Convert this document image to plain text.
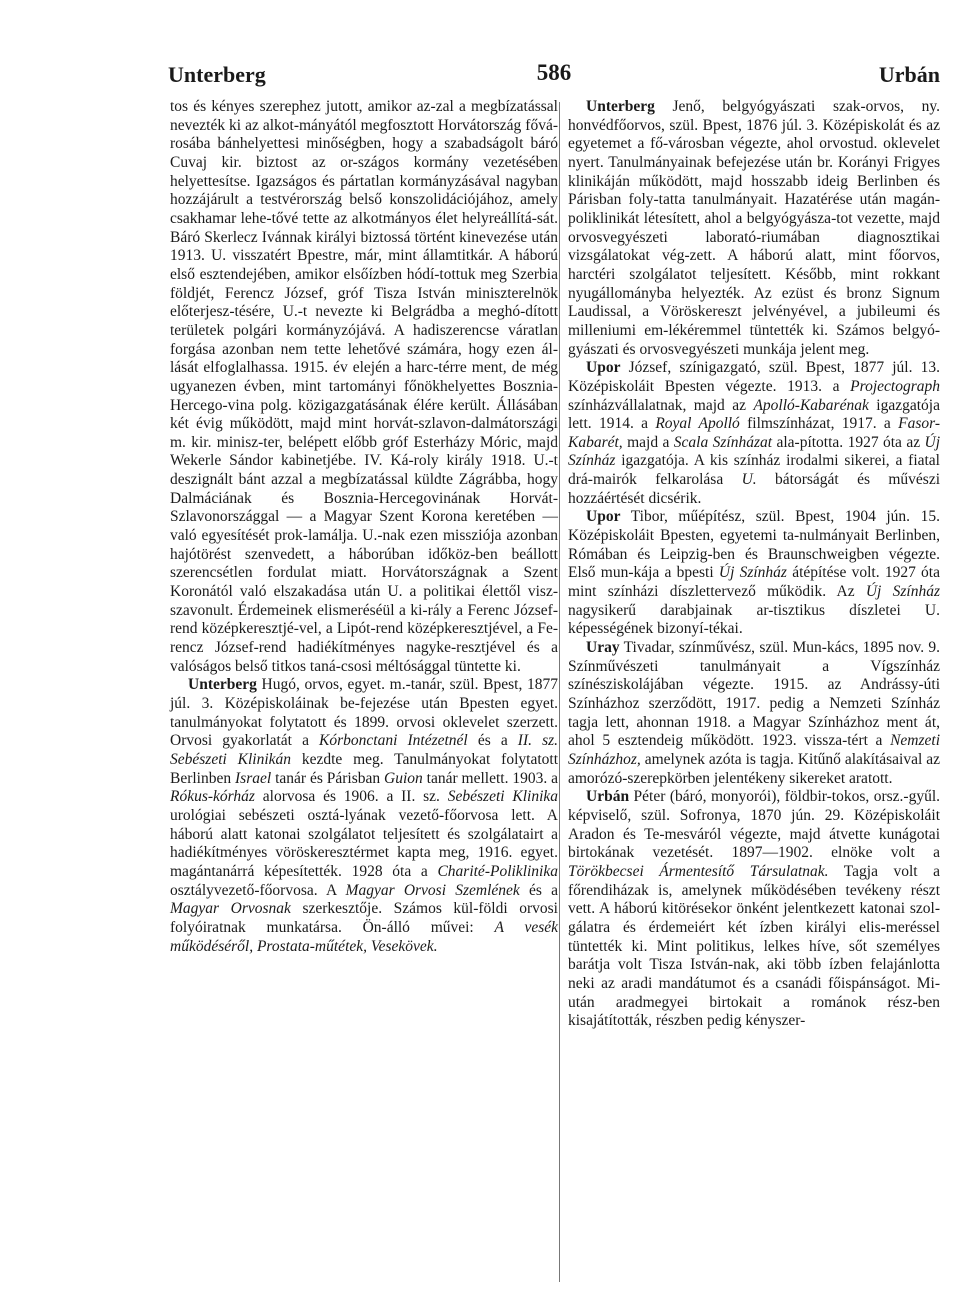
Unterberg	586	Urbán

tos és kényes szerephez jutott, amikor az-zal a megbízatással nevezték ki az alkot-mányától megfosztott Horvátország fővá-rosába bánhelyettesi minőségben, hogy a szabadságolt báró Cuvaj kir. biztost az or-szágos kormány vezetésében helyettesítse. Igazságos és pártatlan kormányzásával nagyban hozzájárult a testvérország belső konszolidációjához, amely csakhamar lehe-tővé tette az alkotmányos élet helyreállítá-sát. Báró Skerlecz Ivánnak királyi biztossá történt kinevezése után 1913. U. visszatért Bpestre, már, mint államtitkár. A háború első esztendejében, amikor elsőízben hódí-tottuk meg Szerbia földjét, Ferencz József, gróf Tisza István miniszterelnök előterjesz-tésére, U.-t nevezte ki Belgrádba a meghó-dított területek polgári kormányzójává. A hadiszerencse váratlan forgása azonban nem tette lehetővé számára, hogy ezen ál-lását elfoglalhassa. 1915. év elején a harc-térre ment, de még ugyanezen évben, mint tartományi főnökhelyettes Bosznia-Hercego-vina polg. közigazgatásának élére került. Állásában két évig működött, majd mint horvát-szlavon-dalmátországi m. kir. minisz-ter, belépett előbb gróf Esterházy Móric, majd Wekerle Sándor kabinetjébe. IV. Ká-roly király 1918. U.-t deszignált bánt azzal a megbízatással küldte Zágrábba, hogy Dalmáciának és Bosznia-Hercegovinának Horvát-Szlavonországgal — a Magyar Szent Korona keretében — való egyesítését prok-lamálja. U.-nak ezen missziója azonban hajótörést szenvedett, a háborúban időköz-ben beállott szerencsétlen fordulat miatt. Horvátországnak a Szent Koronától való elszakadása után U. a politikai élettől visz-szavonult. Érdemeinek elismeréséül a ki-rály a Ferenc József-rend középkeresztjé-vel, a Lipót-rend középkeresztjével, a Fe-rencz József-rend hadiékítményes nagyke-resztjével és a valóságos belső titkos taná-csosi méltósággal tüntette ki.

Unterberg Hugó, orvos, egyet. m.-tanár, szül. Bpest, 1877 júl. 3. Középiskoláinak be-fejezése után Bpesten egyet. tanulmányokat folytatott és 1899. orvosi oklevelet szerzett. Orvosi gyakorlatát a Kórbonctani Intézetnél és a II. sz. Sebészeti Klinikán kezdte meg. Tanulmányokat folytatott Berlinben Israel tanár és Párisban Guion tanár mellett. 1903. a Rókus-kórház alorvosa és 1906. a II. sz. Sebészeti Klinika urológiai sebészeti osztá-lyának vezető-főorvosa lett. A háború alatt katonai szolgálatot teljesített és szolgálatairt a hadiékítményes vöröskeresztérmet kapta meg, 1916. egyet. magántanárrá képesítették. 1928 óta a Charité-Poliklinika osztályvezető-főorvosa. A Magyar Orvosi Szemlének és a Magyar Orvosnak szerkesztője. Számos kül-földi orvosi folyóiratnak munkatársa. Ön-álló művei: A vesék működéséről, Prostata-műtétek, Vesekövek.

Unterberg Jenő, belgyógyászati szak-orvos, ny. honvédfőorvos, szül. Bpest, 1876 júl. 3. Középiskolát és az egyetemet a fő-városban végezte, ahol orvostud. oklevelet nyert. Tanulmányainak befejezése után br. Korányi Frigyes klinikáján működött, majd hosszabb ideig Berlinben és Párisban foly-tatta tanulmányait. Hazatérése után magán-poliklinikát létesített, ahol a belgyógyásza-tot vezette, majd orvosvegyészeti laborató-riumában diagnosztikai vizsgálatokat vég-zett. A háború alatt, mint főorvos, harctéri szolgálatot teljesített. Később, mint rokkant nyugállományba helyezték. Az ezüst és bronz Signum Laudissal, a Vöröskereszt jelvényével, a jubileumi és milleniumi em-lékéremmel tüntették ki. Számos belgyó-gyászati és orvosvegyészeti munkája jelent meg.

Upor József, színigazgató, szül. Bpest, 1877 júl. 13. Középiskoláit Bpesten végezte. 1913. a Projectograph színházvállalatnak, majd az Apolló-Kabarénak igazgatója lett. 1914. a Royal Apolló filmszínházat, 1917. a Fasor-Kabarét, majd a Scala Színházat ala-pította. 1927 óta az Új Színház igazgatója. A kis színház irodalmi sikerei, a fiatal drá-mairók felkarolása U. bátorságát és művészi hozzáértését dicsérik.

Upor Tibor, műépítész, szül. Bpest, 1904 jún. 15. Középiskoláit Bpesten, egyetemi ta-nulmányait Berlinben, Rómában és Leipzig-ben és Braunschweigben végezte. Első mun-kája a bpesti Új Színház átépítése volt. 1927 óta mint színházi díszlettervező működik. Az Új Színház nagysikerű darabjainak ar-tisztikus díszletei U. képességének bizonyí-tékai.

Uray Tivadar, színművész, szül. Mun-kács, 1895 nov. 9. Színművészeti tanulmányait a Vígszínház színésziskolájában végezte. 1915. az Andrássy-úti Színházhoz szerződött, 1917. pedig a Nemzeti Színház tagja lett, ahonnan 1918. a Magyar Színházhoz ment át, ahol 5 esztendeig működött. 1923. vissza-tért a Nemzeti Színházhoz, amelynek azóta is tagja. Kitűnő alakításaival az amorózó-szerepkörben jelentékeny sikereket aratott.

Urbán Péter (báró, monyorói), földbir-tokos, orsz.-gyűl. képviselő, szül. Sofronya, 1870 jún. 29. Középiskoláit Aradon és Te-mesváról végezte, majd átvette kunágotai birtokának vezetését. 1897—1902. elnöke volt a Törökbecsei Ármentesítő Társulatnak. Tagja volt a főrendiházak is, amelynek működésében tevékeny részt vett. A háború kitörésekor önként jelentkezett katonai szol-gálatra és érdemeiért két ízben királyi elis-meréssel tüntették ki. Mint politikus, lelkes híve, sőt személyes barátja volt Tisza István-nak, aki több ízben felajánlotta neki az aradi mandátumot és a csanádi főispánságot. Mi-után aradmegyei birtokait a románok rész-ben kisajátították, részben pedig kényszer-
